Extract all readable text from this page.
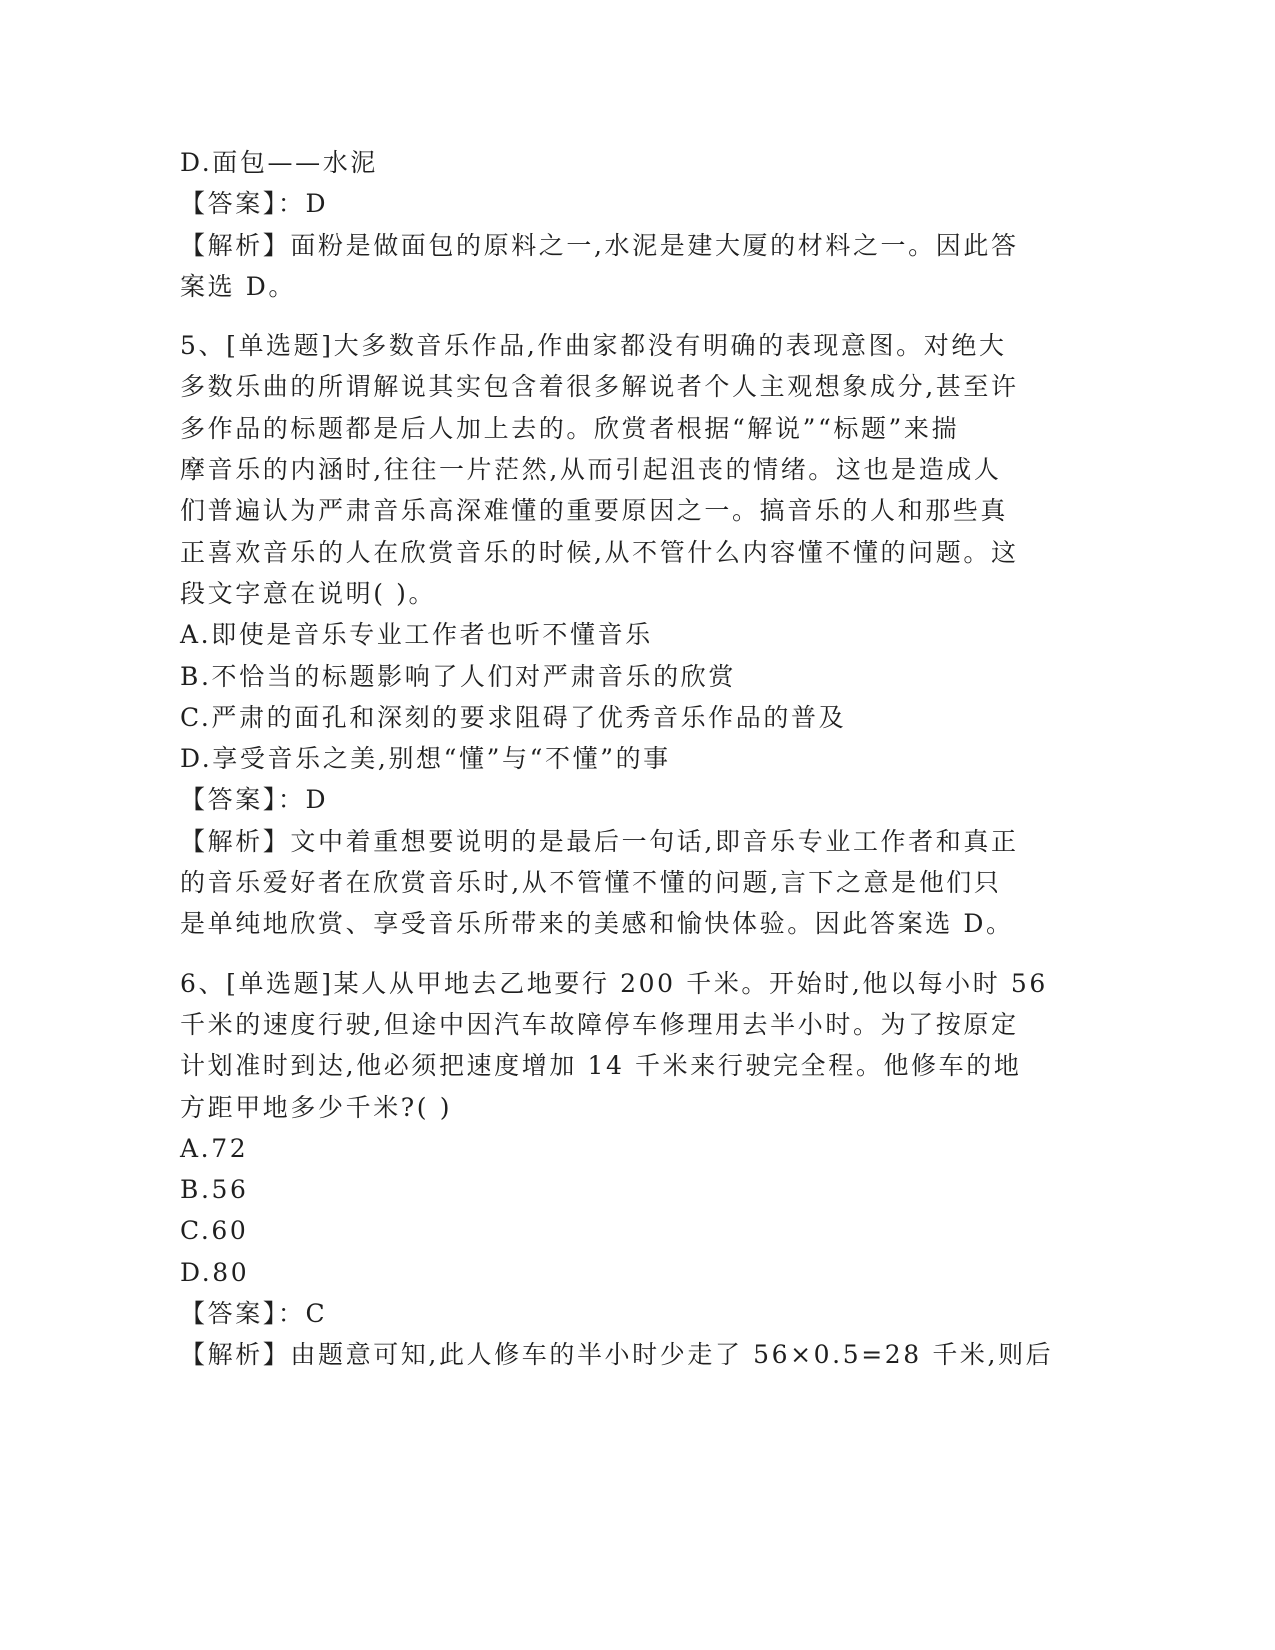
D.面包——水泥
【答案】：D
【解析】面粉是做面包的原料之一,水泥是建大厦的材料之一。因此答
案选 D。
5、[单选题]大多数音乐作品,作曲家都没有明确的表现意图。对绝大
多数乐曲的所谓解说其实包含着很多解说者个人主观想象成分,甚至许
多作品的标题都是后人加上去的。欣赏者根据“解说”“标题”来揣
摩音乐的内涵时,往往一片茫然,从而引起沮丧的情绪。这也是造成人
们普遍认为严肃音乐高深难懂的重要原因之一。搞音乐的人和那些真
正喜欢音乐的人在欣赏音乐的时候,从不管什么内容懂不懂的问题。这
段文字意在说明( )。
A.即使是音乐专业工作者也听不懂音乐
B.不恰当的标题影响了人们对严肃音乐的欣赏
C.严肃的面孔和深刻的要求阻碍了优秀音乐作品的普及
D.享受音乐之美,别想“懂”与“不懂”的事
【答案】：D
【解析】文中着重想要说明的是最后一句话,即音乐专业工作者和真正
的音乐爱好者在欣赏音乐时,从不管懂不懂的问题,言下之意是他们只
是单纯地欣赏、享受音乐所带来的美感和愉快体验。因此答案选 D。
6、[单选题]某人从甲地去乙地要行 200 千米。开始时,他以每小时 56
千米的速度行驶,但途中因汽车故障停车修理用去半小时。为了按原定
计划准时到达,他必须把速度增加 14 千米来行驶完全程。他修车的地
方距甲地多少千米?( )
A.72
B.56
C.60
D.80
【答案】：C
【解析】由题意可知,此人修车的半小时少走了 56×0.5=28 千米,则后
